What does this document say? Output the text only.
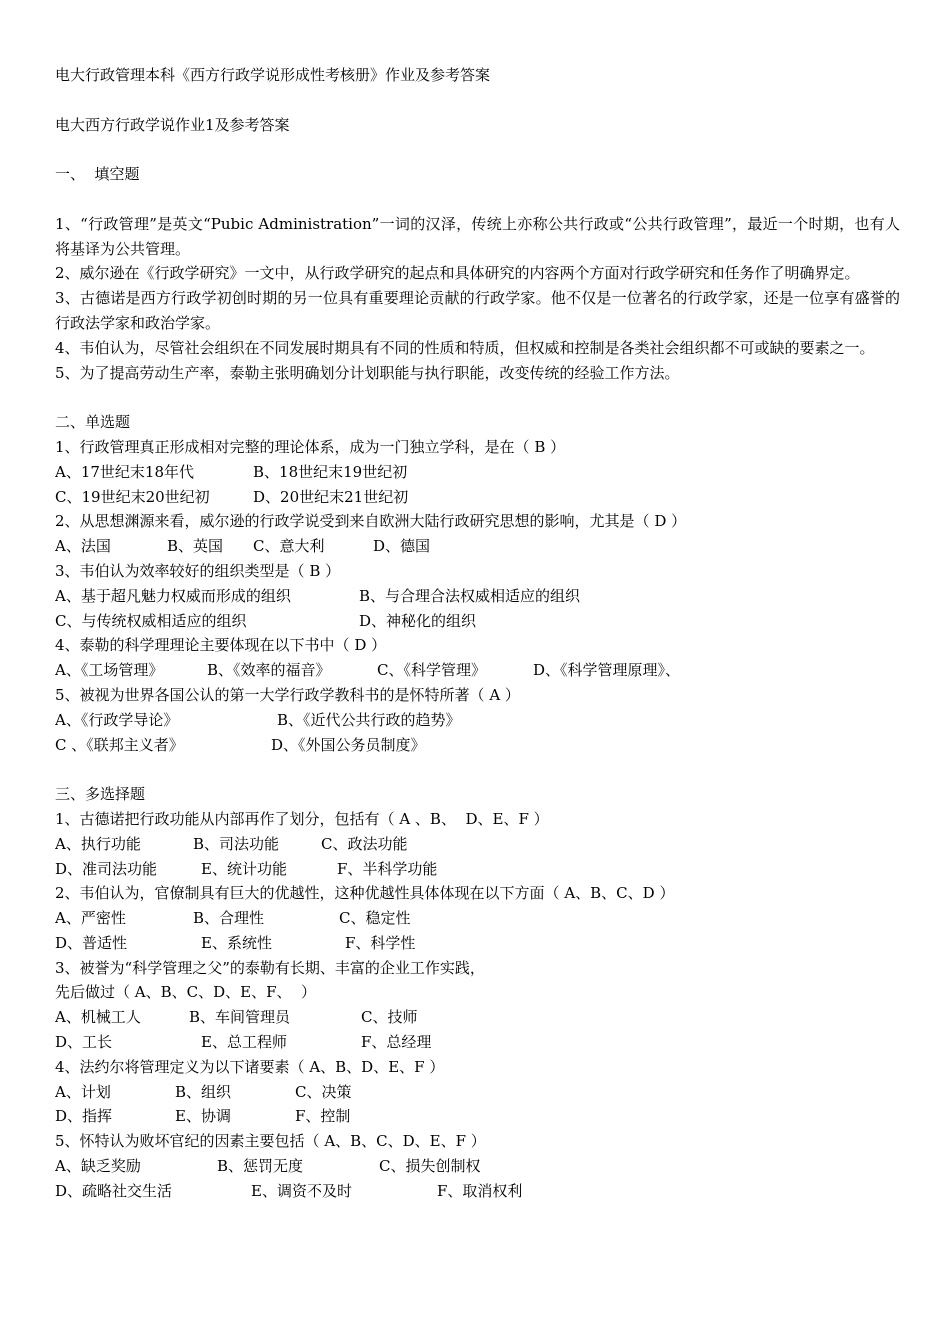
电大行政管理本科《西方行政学说形成性考核册》作业及参考答案
电大西方行政学说作业1及参考答案
一、  填空题
1、“行政管理”是英文“Pubic Administration”一词的汉泽，传统上亦称公共行政或“公共行政管理”，最近一个时期，也有人将基译为公共管理。
2、威尔逊在《行政学研究》一文中，从行政学研究的起点和具体研究的内容两个方面对行政学研究和任务作了明确界定。
3、古德诺是西方行政学初创时期的另一位具有重要理论贡献的行政学家。他不仅是一位著名的行政学家，还是一位享有盛誉的行政法学家和政治学家。
4、韦伯认为，尽管社会组织在不同发展时期具有不同的性质和特质，但权威和控制是各类社会组织都不可或缺的要素之一。
5、为了提高劳动生产率，泰勒主张明确划分计划职能与执行职能，改变传统的经验工作方法。
二、单选题
1、行政管理真正形成相对完整的理论体系，成为一门独立学科，是在（ B ）
A、17世纪末18年代	B、18世纪末19世纪初
C、19世纪末20世纪初	D、20世纪末21世纪初
2、从思想渊源来看，威尔逊的行政学说受到来自欧洲大陆行政研究思想的影响，尤其是（ D ）
A、法国	B、英国	C、意大利	D、德国
3、韦伯认为效率较好的组织类型是（ B ）
A、基于超凡魅力权威而形成的组织	B、与合理合法权威相适应的组织
C、与传统权威相适应的组织	D、神秘化的组织
4、泰勒的科学理理论主要体现在以下书中（ D ）
A、《工场管理》	B、《效率的福音》	C、《科学管理》	D、《科学管理原理》、
5、被视为世界各国公认的第一大学行政学教科书的是怀特所著（ A ）
A、《行政学导论》	B、《近代公共行政的趋势》
C 、《联邦主义者》	D、《外国公务员制度》
三、多选择题
1、古德诺把行政功能从内部再作了划分，包括有（ A 、B、  D、E、F ）
A、执行功能	B、司法功能	C、政法功能
D、准司法功能	E、统计功能	F、半科学功能
2、韦伯认为，官僚制具有巨大的优越性，这种优越性具体体现在以下方面（ A、B、C、D ）
A、严密性	B、合理性	C、稳定性
D、普适性	E、系统性	F、科学性
3、被誉为“科学管理之父”的泰勒有长期、丰富的企业工作实践，
先后做过（ A、B、C、D、E、F、  ）
A、机械工人	B、车间管理员	C、技师
D、工长	E、总工程师	F、总经理
4、法约尔将管理定义为以下诸要素（ A、B、D、E、F ）
A、计划	B、组织	C、决策
D、指挥	E、协调	F、控制
5、怀特认为败坏官纪的因素主要包括（ A、B、C、D、E、F ）
A、缺乏奖励	B、惩罚无度	C、损失创制权
D、疏略社交生活	E、调资不及时	F、取消权利
